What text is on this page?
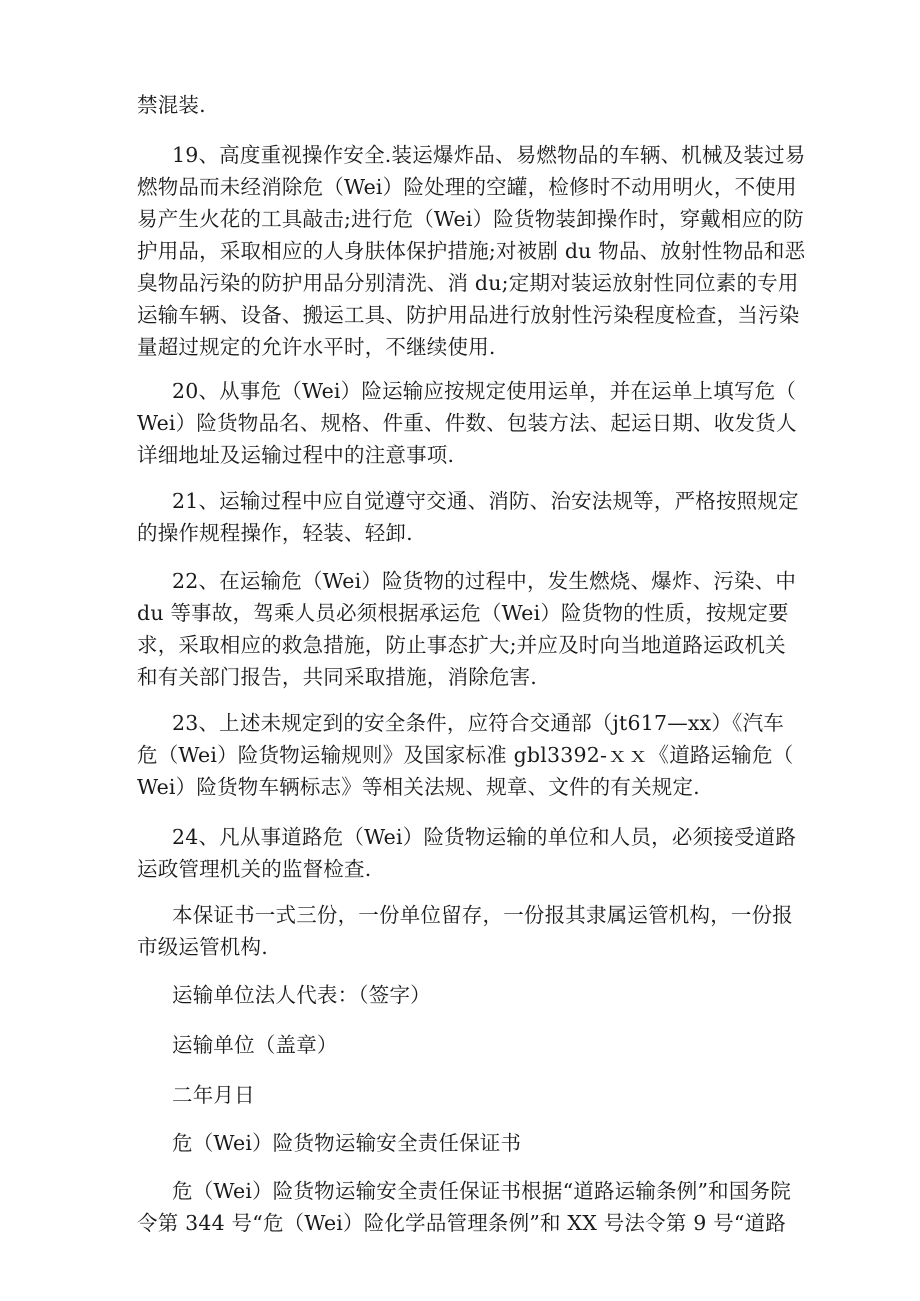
禁混装.
19、高度重视操作安全.装运爆炸品、易燃物品的车辆、机械及装过易
燃物品而未经消除危（Wei）险处理的空罐，检修时不动用明火，不使用
易产生火花的工具敲击;进行危（Wei）险货物装卸操作时，穿戴相应的防
护用品，采取相应的人身肤体保护措施;对被剧 du 物品、放射性物品和恶
臭物品污染的防护用品分别清洗、消 du;定期对装运放射性同位素的专用
运输车辆、设备、搬运工具、防护用品进行放射性污染程度检查，当污染
量超过规定的允许水平时，不继续使用.
20、从事危（Wei）险运输应按规定使用运单，并在运单上填写危（
Wei）险货物品名、规格、件重、件数、包装方法、起运日期、收发货人
详细地址及运输过程中的注意事项.
21、运输过程中应自觉遵守交通、消防、治安法规等，严格按照规定
的操作规程操作，轻装、轻卸.
22、在运输危（Wei）险货物的过程中，发生燃烧、爆炸、污染、中
du 等事故，驾乘人员必须根据承运危（Wei）险货物的性质，按规定要
求，采取相应的救急措施，防止事态扩大;并应及时向当地道路运政机关
和有关部门报告，共同采取措施，消除危害.
23、上述未规定到的安全条件，应符合交通部（jt617—xx）《汽车
危（Wei）险货物运输规则》及国家标准 gbl3392-ｘｘ《道路运输危（
Wei）险货物车辆标志》等相关法规、规章、文件的有关规定.
24、凡从事道路危（Wei）险货物运输的单位和人员，必须接受道路
运政管理机关的监督检查.
本保证书一式三份，一份单位留存，一份报其隶属运管机构，一份报
市级运管机构.
运输单位法人代表：（签字）
运输单位（盖章）
二年月日
危（Wei）险货物运输安全责任保证书
危（Wei）险货物运输安全责任保证书根据“道路运输条例”和国务院
令第 344 号“危（Wei）险化学品管理条例”和 XX 号法令第 9 号“道路
